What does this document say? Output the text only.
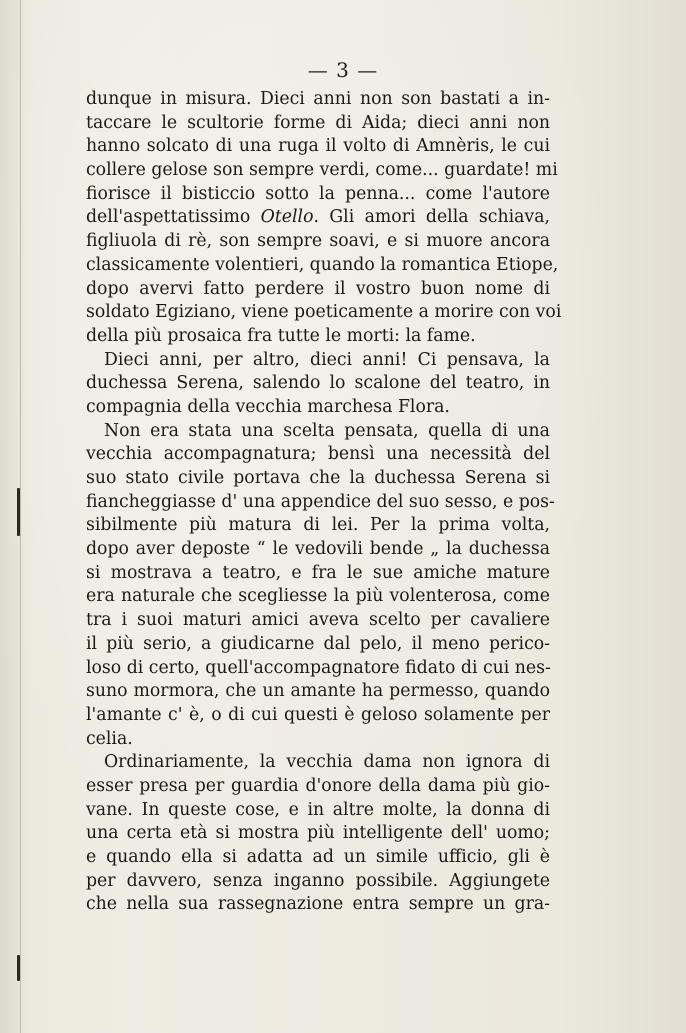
— 3 —
dunque in misura. Dieci anni non son bastati a in-
taccare le scultorie forme di Aida; dieci anni non
hanno solcato di una ruga il volto di Amnèris, le cui
collere gelose son sempre verdi, come... guardate! mi
fiorisce il bisticcio sotto la penna... come l'autore
dell'aspettatissimo Otello. Gli amori della schiava,
figliuola di rè, son sempre soavi, e si muore ancora
classicamente volentieri, quando la romantica Etiope,
dopo avervi fatto perdere il vostro buon nome di
soldato Egiziano, viene poeticamente a morire con voi
della più prosaica fra tutte le morti: la fame.
Dieci anni, per altro, dieci anni! Ci pensava, la
duchessa Serena, salendo lo scalone del teatro, in
compagnia della vecchia marchesa Flora.
Non era stata una scelta pensata, quella di una
vecchia accompagnatura; bensì una necessità del
suo stato civile portava che la duchessa Serena si
fiancheggiasse d' una appendice del suo sesso, e pos-
sibilmente più matura di lei. Per la prima volta,
dopo aver deposte “ le vedovili bende „ la duchessa
si mostrava a teatro, e fra le sue amiche mature
era naturale che scegliesse la più volenterosa, come
tra i suoi maturi amici aveva scelto per cavaliere
il più serio, a giudicarne dal pelo, il meno perico-
loso di certo, quell'accompagnatore fidato di cui nes-
suno mormora, che un amante ha permesso, quando
l'amante c' è, o di cui questi è geloso solamente per
celia.
Ordinariamente, la vecchia dama non ignora di
esser presa per guardia d'onore della dama più gio-
vane. In queste cose, e in altre molte, la donna di
una certa età si mostra più intelligente dell' uomo;
e quando ella si adatta ad un simile ufficio, gli è
per davvero, senza inganno possibile. Aggiungete
che nella sua rassegnazione entra sempre un gra-
